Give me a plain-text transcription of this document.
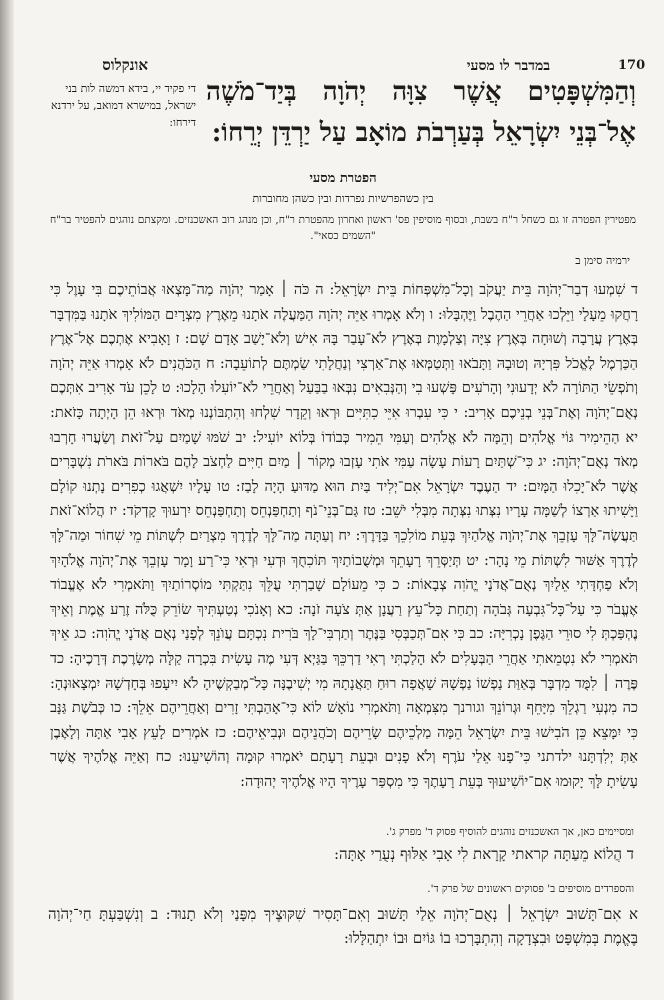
170
במדבר לו מסעי
אונקלוס
די פקיד יי, בידא דמשה לות בני ישראל, במישרא דמואב, על ירדנא דירחו:
וְהַמִּשְׁפָּטִים אֲשֶׁר צִוָּה יְהֹוָה בְּיַד־מֹשֶׁה אֶל־בְּנֵי יִשְׂרָאֵל בְּעַרְבֹת מוֹאָב עַל יַרְדֵּן יְרֵחוֹ:
הפטרת מסעי
בין כשהפרשיות נפרדות ובין כשהן מחוברות
מפטירין הפטרה זו גם כשחל ר"ח בשבת, ובסוף מוסיפין פס' ראשון ואחרון מהפטרת ר"ח, וכן מנהג רוב האשכנזים. ומקצתם נוהגים להפטיר בר"ח "השמים כסאי".
ירמיה סימן ב
ד שִׁמְעוּ דְבַר־יְהֹוָה בֵּית יַעֲקֹב וְכָל־מִשְׁפְּחוֹת בֵּית יִשְׂרָאֵל: ה כֹּה ׀ אָמַר יְהֹוָה מַה־מָּצְאוּ אֲבוֹתֵיכֶם בִּי עָוֶל כִּי רָחֲקוּ מֵעָלָי וַיֵּלְכוּ אַחֲרֵי הַהֶבֶל וַיֶּהְבָּלוּ: ו וְלֹא אָמְרוּ אַיֵּה יְהֹוָה הַמַּעֲלֶה אֹתָנוּ מֵאֶרֶץ מִצְרָיִם הַמּוֹלִיךְ אֹתָנוּ בַּמִּדְבָּר בְּאֶרֶץ עֲרָבָה וְשׁוּחָה בְּאֶרֶץ צִיָּה וְצַלְמָוֶת בְּאֶרֶץ לֹא־עָבַר בָּהּ אִישׁ וְלֹא־יָשַׁב אָדָם שָׁם: ז וָאָבִיא אֶתְכֶם אֶל־אֶרֶץ הַכַּרְמֶל לֶאֱכֹל פִּרְיָהּ וְטוּבָהּ וַתָּבֹאוּ וַתְּטַמְּאוּ אֶת־אַרְצִי וְנַחֲלָתִי שַׂמְתֶּם לְתוֹעֵבָה: ח הַכֹּהֲנִים לֹא אָמְרוּ אַיֵּה יְהֹוָה וְתֹפְשֵׂי הַתּוֹרָה לֹא יְדָעוּנִי וְהָרֹעִים פָּשְׁעוּ בִי וְהַנְּבִאִים נִבְּאוּ בַבַּעַל וְאַחֲרֵי לֹא־יוֹעִלוּ הָלָכוּ: ט לָכֵן עֹד אָרִיב אִתְּכֶם נְאֻם־יְהֹוָה וְאֶת־בְּנֵי בְנֵיכֶם אָרִיב: י כִּי עִבְרוּ אִיֵּי כִתִּיִּים וּרְאוּ וְקֵדָר שִׁלְחוּ וְהִתְבּוֹנְנוּ מְאֹד וּרְאוּ הֵן הָיְתָה כָּזֹאת: יא הַהֵימִיר גּוֹי אֱלֹהִים וְהֵמָּה לֹא אֱלֹהִים וְעַמִּי הֵמִיר כְּבוֹדוֹ בְּלוֹא יוֹעִיל: יב שֹׁמּוּ שָׁמַיִם עַל־זֹאת וְשַׂעֲרוּ חָרְבוּ מְאֹד נְאֻם־יְהֹוָה: יג כִּי־שְׁתַּיִם רָעוֹת עָשָׂה עַמִּי אֹתִי עָזְבוּ מְקוֹר ׀ מַיִם חַיִּים לַחְצֹב לָהֶם בֹּארוֹת בֹּארֹת נִשְׁבָּרִים אֲשֶׁר לֹא־יָכִלוּ הַמָּיִם: יד הַעֶבֶד יִשְׂרָאֵל אִם־יְלִיד בַּיִת הוּא מַדּוּעַ הָיָה לָבַז: טו עָלָיו יִשְׁאֲגוּ כְפִרִים נָתְנוּ קוֹלָם וַיָּשִׁיתוּ אַרְצוֹ לְשַׁמָּה עָרָיו נִצְּתוּ נִצְּתָה מִבְּלִי יֹשֵׁב: טז גַּם־בְּנֵי־נֹף וְתַחְפַּנְחֵס וְתַחְפַּנְחֵס יִרְעוּךְ קָדְקֹד: יז הֲלוֹא־זֹאת תַּעֲשֶׂה־לָּךְ עָזְבֵךְ אֶת־יְהֹוָה אֱלֹהַיִךְ בְּעֵת מוֹלִכֵךְ בַּדָּרֶךְ: יח וְעַתָּה מַה־לָּךְ לְדֶרֶךְ מִצְרַיִם לִשְׁתּוֹת מֵי שִׁחוֹר וּמַה־לָּךְ לְדֶרֶךְ אַשּׁוּר לִשְׁתּוֹת מֵי נָהָר: יט תְּיַסְּרֵךְ רָעָתֵךְ וּמְשֻׁבוֹתַיִךְ תּוֹכִחֻךְ וּדְעִי וּרְאִי כִּי־רַע וָמָר עָזְבֵךְ אֶת־יְהֹוָה אֱלֹהָיִךְ וְלֹא פַחְדָּתִי אֵלַיִךְ נְאֻם־אֲדֹנָי יֱהֹוִה צְבָאוֹת: כ כִּי מֵעוֹלָם שָׁבַרְתִּי עֻלֵּךְ נִתַּקְתִּי מוֹסְרוֹתַיִךְ וַתֹּאמְרִי לֹא אֶעֱבוֹד אֶעֱבֹר כִּי עַל־כָּל־גִּבְעָה גְּבֹהָה וְתַחַת כָּל־עֵץ רַעֲנָן אַתְּ צֹעָה זֹנָה: כא וְאָנֹכִי נְטַעְתִּיךְ שׂוֹרֵק כֻּלֹּה זֶרַע אֱמֶת וְאֵיךְ נֶהְפַּכְתְּ לִי סוּרֵי הַגֶּפֶן נָכְרִיָּה: כב כִּי אִם־תְּכַבְּסִי בַּנֶּתֶר וְתַרְבִּי־לָךְ בֹּרִית נִכְתָּם עֲוֺנֵךְ לְפָנַי נְאֻם אֲדֹנָי יֱהֹוִה: כג אֵיךְ תֹּאמְרִי לֹא נִטְמֵאתִי אַחֲרֵי הַבְּעָלִים לֹא הָלַכְתִּי רְאִי דַרְכֵּךְ בַּגַּיְא דְּעִי מֶה עָשִׂית בִּכְרָה קַלָּה מְשָׂרֶכֶת דְּרָכֶיהָ: כד פֶּרֶה ׀ לִמֻּד מִדְבָּר בְּאַוַּת נַפְשׁוֹ נַפְשָׁהּ שָׁאֲפָה רוּחַ תַּאֲנָתָהּ מִי יְשִׁיבֶנָּה כָּל־מְבַקְשֶׁיהָ לֹא יִיעָפוּ בְּחָדְשָׁהּ יִמְצָאוּנְהָ: כה מִנְעִי רַגְלֵךְ מִיָּחֵף וּגְרוֹנֵךְ וגורנך מִצִּמְאָה וַתֹּאמְרִי נוֹאָשׁ לוֹא כִּי־אָהַבְתִּי זָרִים וְאַחֲרֵיהֶם אֵלֵךְ: כו כְּבֹשֶׁת גַּנָּב כִּי יִמָּצֵא כֵּן הֹבִישׁוּ בֵּית יִשְׂרָאֵל הֵמָּה מַלְכֵיהֶם שָׂרֵיהֶם וְכֹהֲנֵיהֶם וּנְבִיאֵיהֶם: כז אֹמְרִים לָעֵץ אָבִי אַתָּה וְלָאֶבֶן אַתְּ יְלִדְתָּנוּ ילדתני כִּי־פָנוּ אֵלַי עֹרֶף וְלֹא פָנִים וּבְעֵת רָעָתָם יֹאמְרוּ קוּמָה וְהוֹשִׁיעֵנוּ: כח וְאַיֵּה אֱלֹהֶיךָ אֲשֶׁר עָשִׂיתָ לָּךְ יָקוּמוּ אִם־יוֹשִׁיעוּךָ בְּעֵת רָעָתֶךָ כִּי מִסְפַּר עָרֶיךָ הָיוּ אֱלֹהֶיךָ יְהוּדָה:
ומסיימים כאן, אך האשכנזים נוהגים להוסיף פסוק ד' מפרק ג'.
ד הֲלוֹא מֵעַתָּה קראתי קָרָאת לִי אָבִי אַלּוּף נְעֻרַי אָתָּה:
והספרדים מוסיפים ב' פסוקים ראשונים של פרק ד'.
א אִם־תָּשׁוּב יִשְׂרָאֵל ׀ נְאֻם־יְהֹוָה אֵלַי תָּשׁוּב וְאִם־תָּסִיר שִׁקּוּצֶיךָ מִפָּנַי וְלֹא תָנוּד: ב וְנִשְׁבַּעְתָּ חַי־יְהֹוָה בֶּאֱמֶת בְּמִשְׁפָּט וּבִצְדָקָה וְהִתְבָּרְכוּ בוֹ גּוֹיִם וּבוֹ יִתְהַלָּלוּ:
